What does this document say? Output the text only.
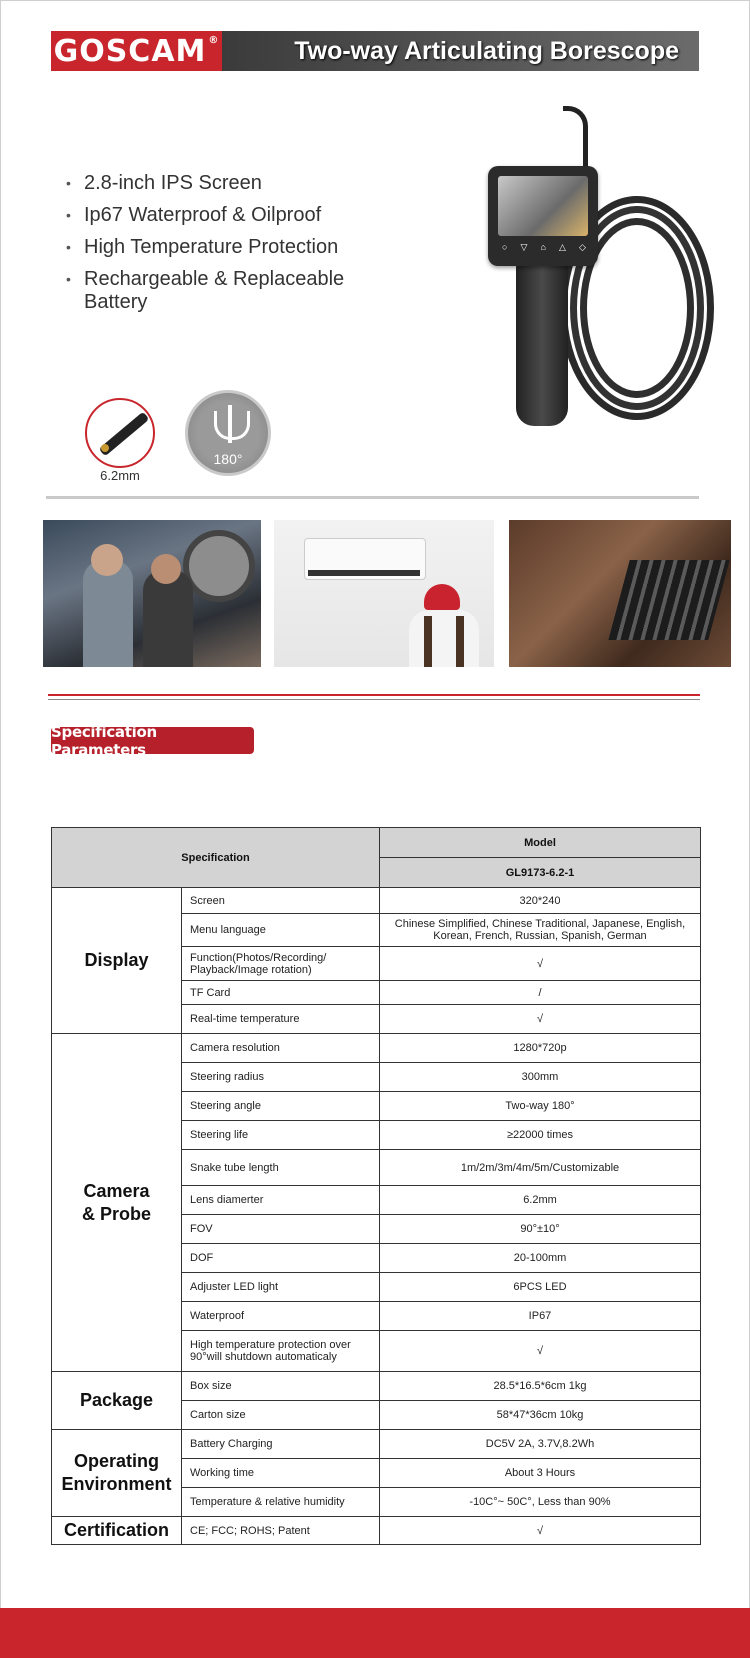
GOSCAM®	Two-way Articulating Borescope
• 2.8-inch IPS Screen
• Ip67 Waterproof & Oilproof
• High Temperature Protection
• Rechargeable & Replaceable Battery
6.2mm
180°
○ ▽ ⌂ △ ◇
Specification Parameters
Specification		Model
		GL9173-6.2-1
Display	Screen	320*240
	Menu language	Chinese Simplified, Chinese Traditional, Japanese, English, Korean, French, Russian, Spanish, German
	Function(Photos/Recording/ Playback/Image rotation)	√
	TF Card	/
	Real-time temperature	√

Camera & Probe	Camera resolution	1280*720p
	Steering radius	300mm
	Steering angle	Two-way 180°
	Steering life	≥22000 times
	Snake tube length	1m/2m/3m/4m/5m/Customizable
	Lens diamerter	6.2mm
	FOV	90°±10°
	DOF	20-100mm
	Adjuster LED light	6PCS LED
	Waterproof	IP67
	High temperature protection over 90°will shutdown automaticaly	√
Package	Box size	28.5*16.5*6cm 1kg
	Carton size	58*47*36cm 10kg

Operating Environment	Battery Charging	DC5V 2A, 3.7V,8.2Wh
	Working time	About 3 Hours
	Temperature & relative humidity	-10C°~ 50C°, Less than 90%
Certification	CE; FCC; ROHS; Patent	√
